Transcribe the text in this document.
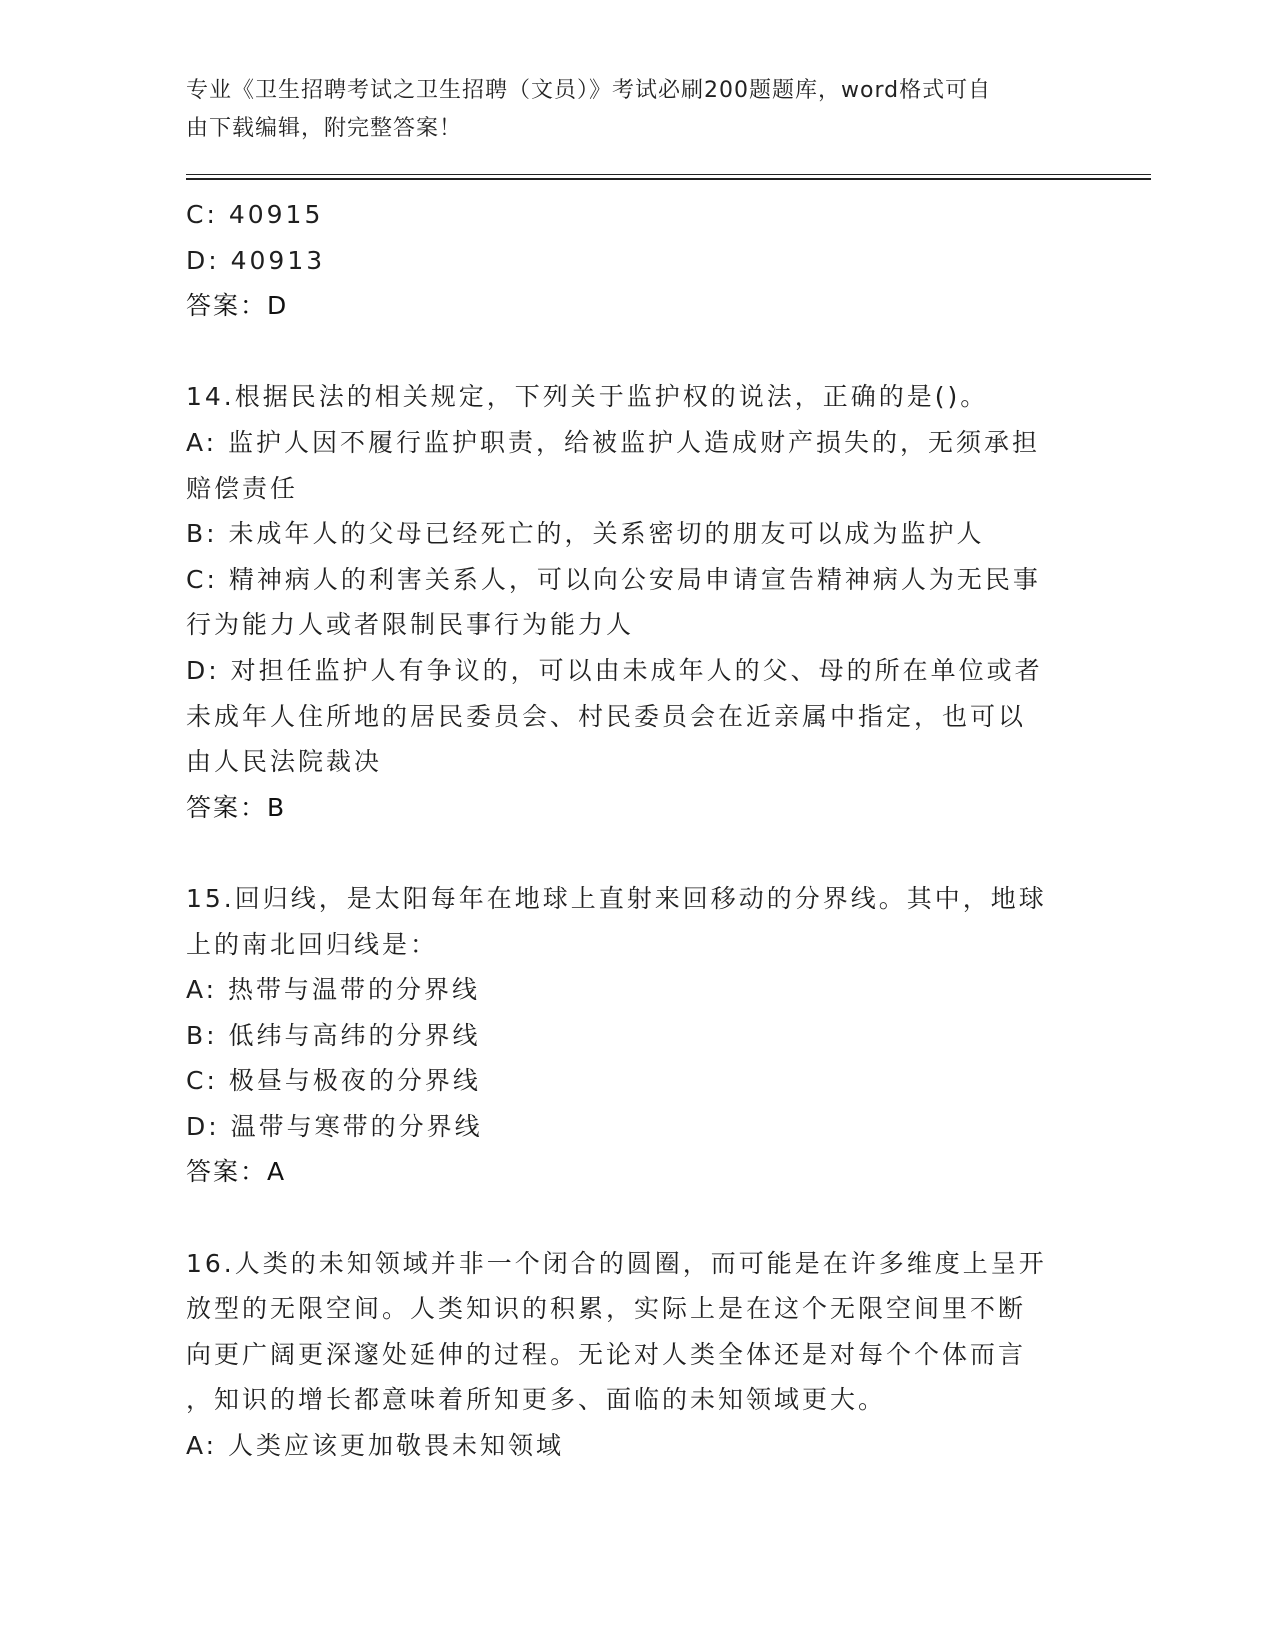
专业《卫生招聘考试之卫生招聘（文员）》考试必刷200题题库，word格式可自
由下载编辑，附完整答案！
C: 40915
D: 40913
答案：D
14.根据民法的相关规定，下列关于监护权的说法，正确的是()。
A: 监护人因不履行监护职责，给被监护人造成财产损失的，无须承担
赔偿责任
B: 未成年人的父母已经死亡的，关系密切的朋友可以成为监护人
C: 精神病人的利害关系人，可以向公安局申请宣告精神病人为无民事
行为能力人或者限制民事行为能力人
D: 对担任监护人有争议的，可以由未成年人的父、母的所在单位或者
未成年人住所地的居民委员会、村民委员会在近亲属中指定，也可以
由人民法院裁决
答案：B
15.回归线，是太阳每年在地球上直射来回移动的分界线。其中，地球
上的南北回归线是：
A: 热带与温带的分界线
B: 低纬与高纬的分界线
C: 极昼与极夜的分界线
D: 温带与寒带的分界线
答案：A
16.人类的未知领域并非一个闭合的圆圈，而可能是在许多维度上呈开
放型的无限空间。人类知识的积累，实际上是在这个无限空间里不断
向更广阔更深邃处延伸的过程。无论对人类全体还是对每个个体而言
，知识的增长都意味着所知更多、面临的未知领域更大。
A: 人类应该更加敬畏未知领域
